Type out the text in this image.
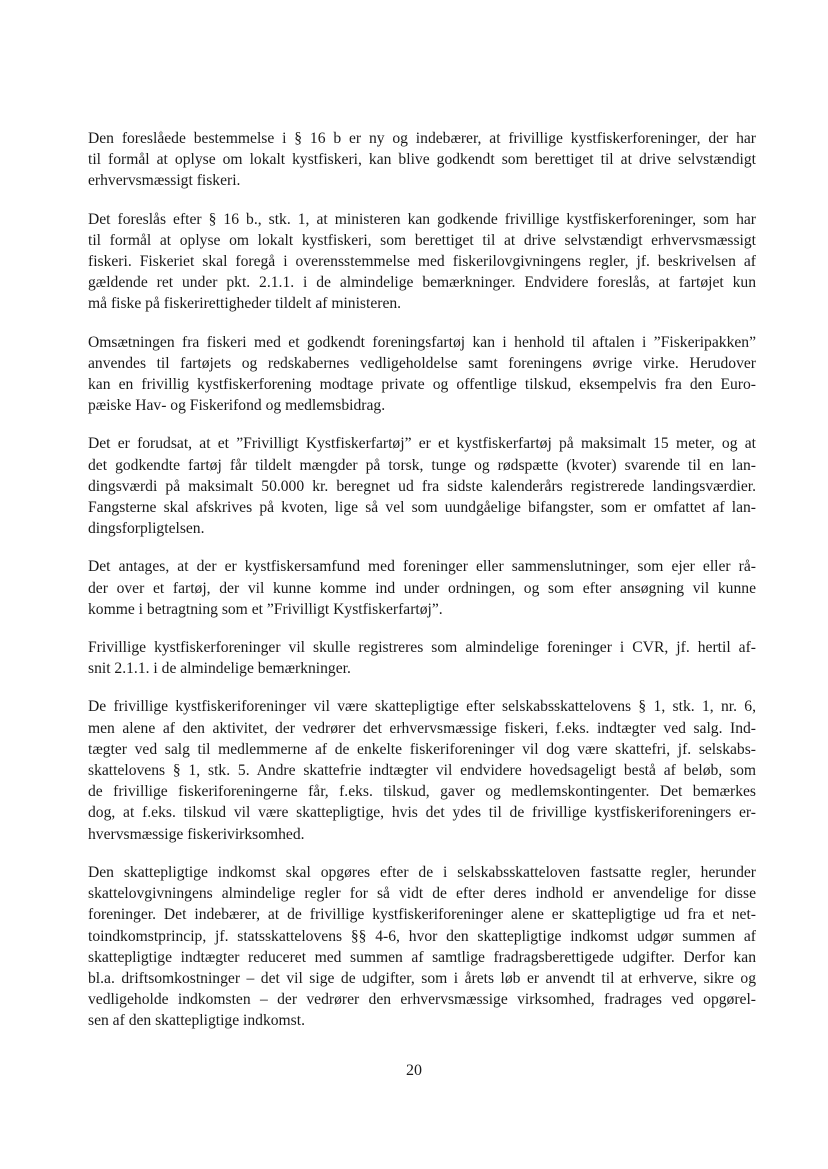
Den foreslåede bestemmelse i § 16 b er ny og indebærer, at frivillige kystfiskerforeninger, der har
til formål at oplyse om lokalt kystfiskeri, kan blive godkendt som berettiget til at drive selvstændigt
erhvervsmæssigt fiskeri.

Det foreslås efter § 16 b., stk. 1, at ministeren kan godkende frivillige kystfiskerforeninger, som har
til formål at oplyse om lokalt kystfiskeri, som berettiget til at drive selvstændigt erhvervsmæssigt
fiskeri. Fiskeriet skal foregå i overensstemmelse med fiskerilovgivningens regler, jf. beskrivelsen af
gældende ret under pkt. 2.1.1. i de almindelige bemærkninger. Endvidere foreslås, at fartøjet kun
må fiske på fiskerirettigheder tildelt af ministeren.

Omsætningen fra fiskeri med et godkendt foreningsfartøj kan i henhold til aftalen i ”Fiskeripakken”
anvendes til fartøjets og redskabernes vedligeholdelse samt foreningens øvrige virke. Herudover
kan en frivillig kystfiskerforening modtage private og offentlige tilskud, eksempelvis fra den Euro-
pæiske Hav- og Fiskerifond og medlemsbidrag.

Det er forudsat, at et ”Frivilligt Kystfiskerfartøj” er et kystfiskerfartøj på maksimalt 15 meter, og at
det godkendte fartøj får tildelt mængder på torsk, tunge og rødspætte (kvoter) svarende til en lan-
dingsværdi på maksimalt 50.000 kr. beregnet ud fra sidste kalenderårs registrerede landingsværdier.
Fangsterne skal afskrives på kvoten, lige så vel som uundgåelige bifangster, som er omfattet af lan-
dingsforpligtelsen.

Det antages, at der er kystfiskersamfund med foreninger eller sammenslutninger, som ejer eller rå-
der over et fartøj, der vil kunne komme ind under ordningen, og som efter ansøgning vil kunne
komme i betragtning som et ”Frivilligt Kystfiskerfartøj”.

Frivillige kystfiskerforeninger vil skulle registreres som almindelige foreninger i CVR, jf. hertil af-
snit 2.1.1. i de almindelige bemærkninger.

De frivillige kystfiskeriforeninger vil være skattepligtige efter selskabsskattelovens § 1, stk. 1, nr. 6,
men alene af den aktivitet, der vedrører det erhvervsmæssige fiskeri, f.eks. indtægter ved salg. Ind-
tægter ved salg til medlemmerne af de enkelte fiskeriforeninger vil dog være skattefri, jf. selskabs-
skattelovens § 1, stk. 5. Andre skattefrie indtægter vil endvidere hovedsageligt bestå af beløb, som
de frivillige fiskeriforeningerne får, f.eks. tilskud, gaver og medlemskontingenter. Det bemærkes
dog, at f.eks. tilskud vil være skattepligtige, hvis det ydes til de frivillige kystfiskeriforeningers er-
hvervsmæssige fiskerivirksomhed.

Den skattepligtige indkomst skal opgøres efter de i selskabsskatteloven fastsatte regler, herunder
skattelovgivningens almindelige regler for så vidt de efter deres indhold er anvendelige for disse
foreninger. Det indebærer, at de frivillige kystfiskeriforeninger alene er skattepligtige ud fra et net-
toindkomstprincip, jf. statsskattelovens §§ 4-6, hvor den skattepligtige indkomst udgør summen af
skattepligtige indtægter reduceret med summen af samtlige fradragsberettigede udgifter. Derfor kan
bl.a. driftsomkostninger – det vil sige de udgifter, som i årets løb er anvendt til at erhverve, sikre og
vedligeholde indkomsten – der vedrører den erhvervsmæssige virksomhed, fradrages ved opgørel-
sen af den skattepligtige indkomst.

20
